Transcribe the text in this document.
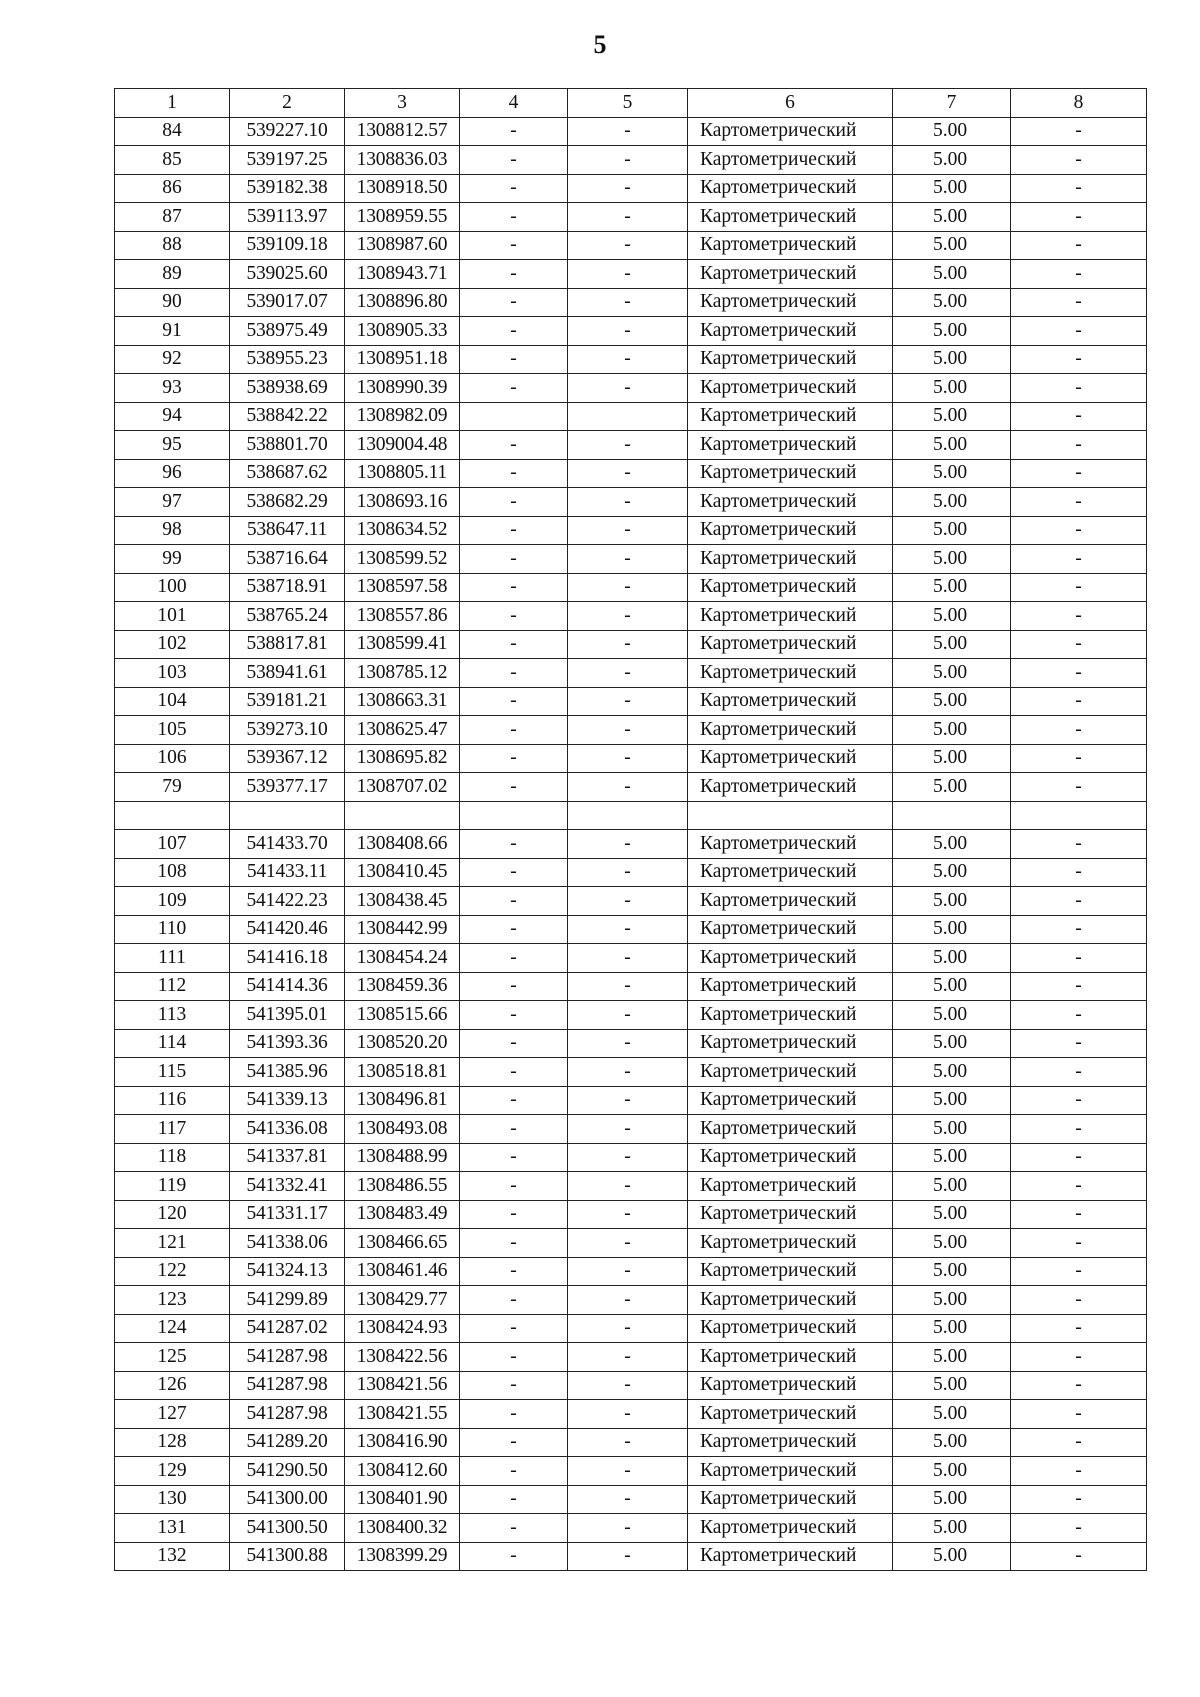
5
1	2	3	4	5	6	7	8
84	539227.10	1308812.57	-	-	Картометрический	5.00	-
85	539197.25	1308836.03	-	-	Картометрический	5.00	-
86	539182.38	1308918.50	-	-	Картометрический	5.00	-
87	539113.97	1308959.55	-	-	Картометрический	5.00	-
88	539109.18	1308987.60	-	-	Картометрический	5.00	-
89	539025.60	1308943.71	-	-	Картометрический	5.00	-
90	539017.07	1308896.80	-	-	Картометрический	5.00	-
91	538975.49	1308905.33	-	-	Картометрический	5.00	-
92	538955.23	1308951.18	-	-	Картометрический	5.00	-
93	538938.69	1308990.39	-	-	Картометрический	5.00	-
94	538842.22	1308982.09			Картометрический	5.00	-
95	538801.70	1309004.48	-	-	Картометрический	5.00	-
96	538687.62	1308805.11	-	-	Картометрический	5.00	-
97	538682.29	1308693.16	-	-	Картометрический	5.00	-
98	538647.11	1308634.52	-	-	Картометрический	5.00	-
99	538716.64	1308599.52	-	-	Картометрический	5.00	-
100	538718.91	1308597.58	-	-	Картометрический	5.00	-
101	538765.24	1308557.86	-	-	Картометрический	5.00	-
102	538817.81	1308599.41	-	-	Картометрический	5.00	-
103	538941.61	1308785.12	-	-	Картометрический	5.00	-
104	539181.21	1308663.31	-	-	Картометрический	5.00	-
105	539273.10	1308625.47	-	-	Картометрический	5.00	-
106	539367.12	1308695.82	-	-	Картометрический	5.00	-
79	539377.17	1308707.02	-	-	Картометрический	5.00	-

107	541433.70	1308408.66	-	-	Картометрический	5.00	-
108	541433.11	1308410.45	-	-	Картометрический	5.00	-
109	541422.23	1308438.45	-	-	Картометрический	5.00	-
110	541420.46	1308442.99	-	-	Картометрический	5.00	-
111	541416.18	1308454.24	-	-	Картометрический	5.00	-
112	541414.36	1308459.36	-	-	Картометрический	5.00	-
113	541395.01	1308515.66	-	-	Картометрический	5.00	-
114	541393.36	1308520.20	-	-	Картометрический	5.00	-
115	541385.96	1308518.81	-	-	Картометрический	5.00	-
116	541339.13	1308496.81	-	-	Картометрический	5.00	-
117	541336.08	1308493.08	-	-	Картометрический	5.00	-
118	541337.81	1308488.99	-	-	Картометрический	5.00	-
119	541332.41	1308486.55	-	-	Картометрический	5.00	-
120	541331.17	1308483.49	-	-	Картометрический	5.00	-
121	541338.06	1308466.65	-	-	Картометрический	5.00	-
122	541324.13	1308461.46	-	-	Картометрический	5.00	-
123	541299.89	1308429.77	-	-	Картометрический	5.00	-
124	541287.02	1308424.93	-	-	Картометрический	5.00	-
125	541287.98	1308422.56	-	-	Картометрический	5.00	-
126	541287.98	1308421.56	-	-	Картометрический	5.00	-
127	541287.98	1308421.55	-	-	Картометрический	5.00	-
128	541289.20	1308416.90	-	-	Картометрический	5.00	-
129	541290.50	1308412.60	-	-	Картометрический	5.00	-
130	541300.00	1308401.90	-	-	Картометрический	5.00	-
131	541300.50	1308400.32	-	-	Картометрический	5.00	-
132	541300.88	1308399.29	-	-	Картометрический	5.00	-
